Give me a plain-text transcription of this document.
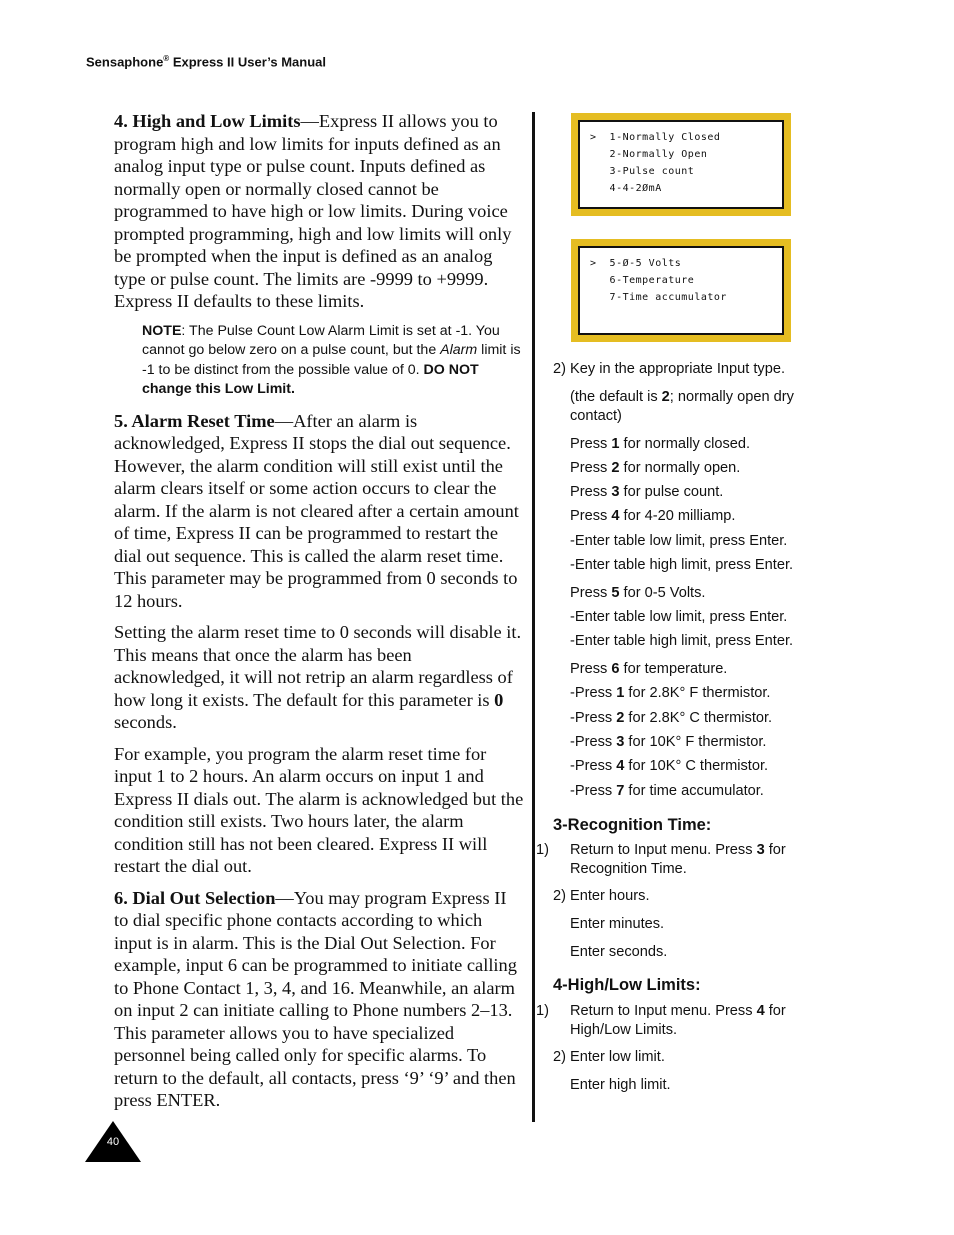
Sensaphone® Express II User’s Manual

4. High and Low Limits—Express II allows you to program high and low limits for inputs defined as an analog input type or pulse count. Inputs defined as normally open or normally closed cannot be programmed to have high or low limits. During voice prompted programming, high and low limits will only be prompted when the input is defined as an analog type or pulse count. The limits are -9999 to +9999. Express II defaults to these limits.

NOTE: The Pulse Count Low Alarm Limit is set at -1. You cannot go below zero on a pulse count, but the Alarm limit is -1 to be distinct from the possible value of 0. DO NOT change this Low Limit.

5. Alarm Reset Time—After an alarm is acknowledged, Express II stops the dial out sequence. However, the alarm condition will still exist until the alarm clears itself or some action occurs to clear the alarm. If the alarm is not cleared after a certain amount of time, Express II can be programmed to restart the dial out sequence. This is called the alarm reset time. This parameter may be programmed from 0 seconds to 12 hours.

Setting the alarm reset time to 0 seconds will disable it. This means that once the alarm has been acknowledged, it will not retrip an alarm regardless of how long it exists. The default for this parameter is 0 seconds.

For example, you program the alarm reset time for input 1 to 2 hours. An alarm occurs on input 1 and Express II dials out. The alarm is acknowledged but the condition still exists. Two hours later, the alarm condition still has not been cleared. Express II will restart the dial out.

6. Dial Out Selection—You may program Express II to dial specific phone contacts according to which input is in alarm. This is the Dial Out Selection. For example, input 6 can be programmed to initiate calling to Phone Contact 1, 3, 4, and 16. Meanwhile, an alarm on input 2 can initiate calling to Phone numbers 2–13. This parameter allows you to have specialized personnel being called only for specific alarms. To return to the default, all contacts, press ‘9’ ‘9’ and then press ENTER.

>  1-Normally Closed
2-Normally Open
3-Pulse count
4-4-2ØmA
>  5-Ø-5 Volts
6-Temperature
7-Time accumulator
2) Key in the appropriate Input type.
(the default is 2; normally open dry contact)
Press 1 for normally closed.
Press 2 for normally open.
Press 3 for pulse count.
Press 4 for 4-20 milliamp.
-Enter table low limit, press Enter.
-Enter table high limit, press Enter.
Press 5 for 0-5 Volts.
-Enter table low limit, press Enter.
-Enter table high limit, press Enter.
Press 6 for temperature.
-Press 1 for 2.8K° F thermistor.
-Press 2 for 2.8K° C thermistor.
-Press 3 for 10K° F thermistor.
-Press 4 for 10K° C thermistor.
-Press 7 for time accumulator.
3-Recognition Time:
1) Return to Input menu. Press 3 for Recognition Time.
2) Enter hours.
Enter minutes.
Enter seconds.
4-High/Low Limits:
1) Return to Input menu. Press 4 for High/Low Limits.
2) Enter low limit.
Enter high limit.
40
